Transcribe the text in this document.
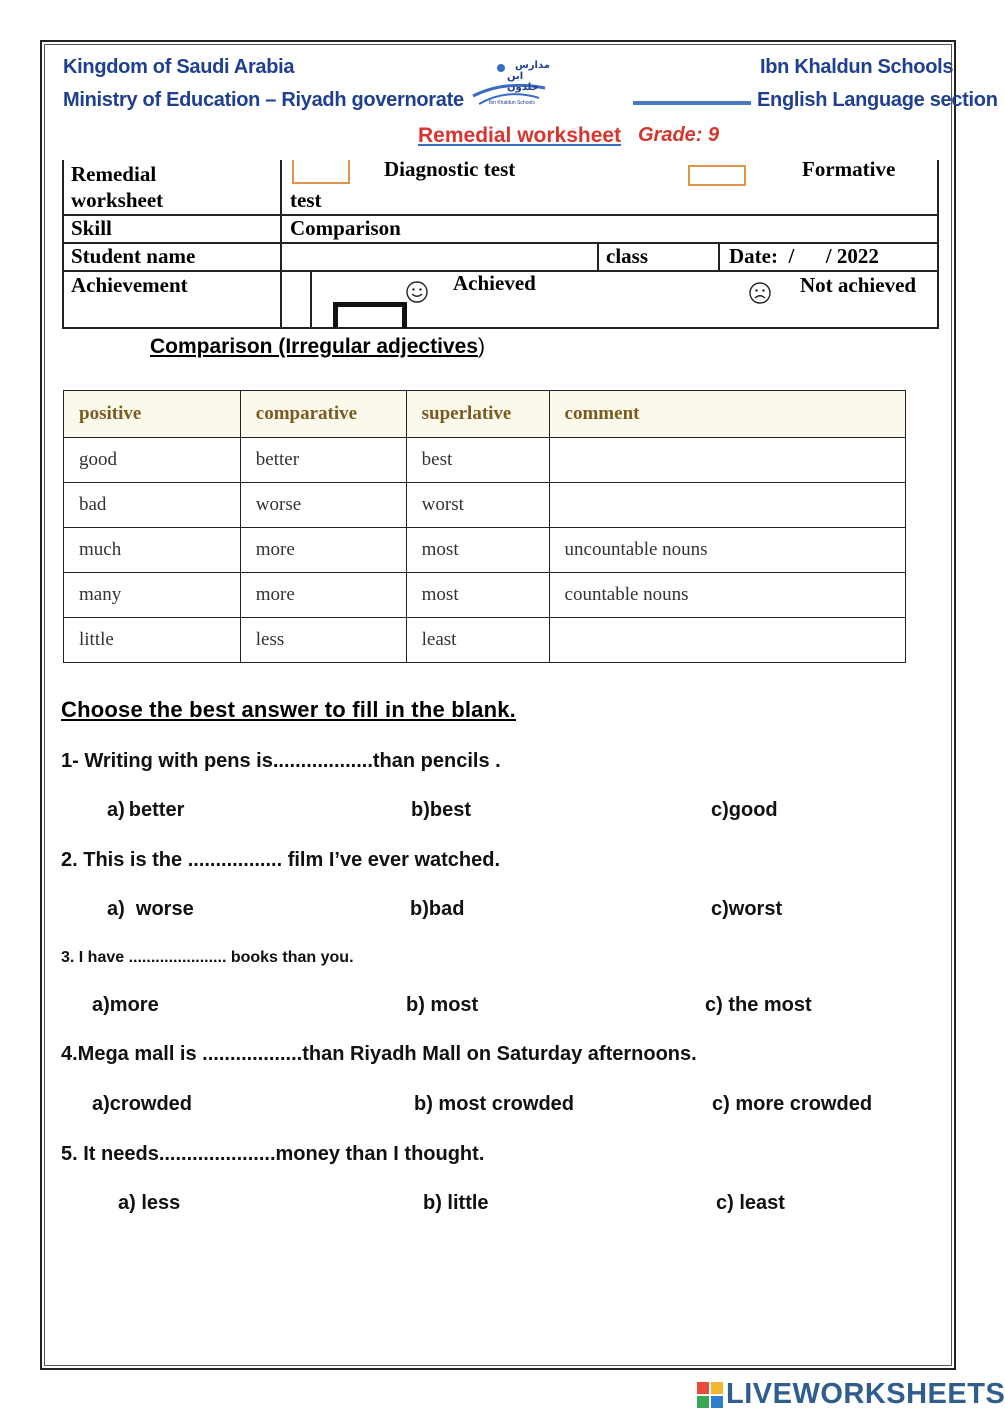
Kingdom of Saudi Arabia
Ministry of Education – Riyadh governorate
Ibn Khaldun Schools
English Language section
مدارس
ابن خلدون
Ibn Khaldun Schools
Remedial worksheet Grade: 9
Remedial
worksheet
Diagnostic test	Formative
test
Skill	Comparison
Student name	class	Date:  /      / 2022
Achievement	Achieved	Not achieved
Comparison (Irregular adjectives)
positive	comparative	superlative	comment
good	better	best	
bad	worse	worst	
much	more	most	uncountable nouns
many	more	most	countable nouns
little	less	least	
Choose the best answer to fill in the blank.
1- Writing with pens is..................than pencils .
a) better	b)best	c)good
2. This is the ................. film I’ve ever watched.
a)  worse	b)bad	c)worst
3. I have ...................... books than you.
a)more	b) most	c) the most
4.Mega mall is ..................than Riyadh Mall on Saturday afternoons.
a)crowded	b) most crowded	c) more crowded
5. It needs.....................money than I thought.
a) less	b) little	c) least
LIVEWORKSHEETS
